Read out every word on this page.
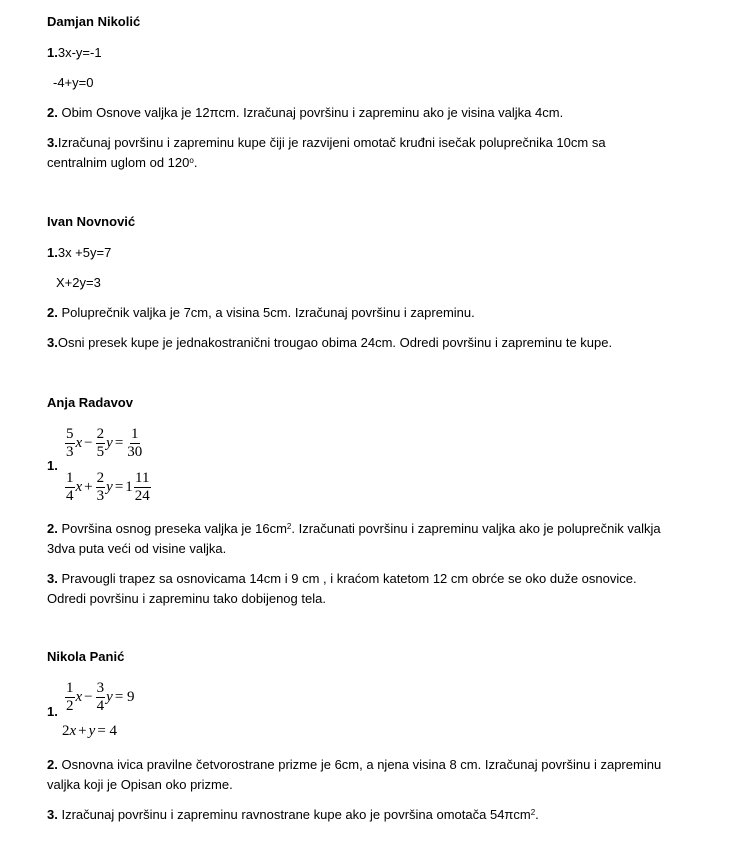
Damjan Nikolić
1.3x-y=-1
-4+y=0
2. Obim Osnove valjka je 12πcm. Izračunaj površinu i zapreminu ako je visina valjka 4cm.
3.Izračunaj površinu i zapreminu kupe čiji je razvijeni omotač kruđni isečak poluprečnika 10cm sa centralnim uglom od 120$^o$.
Ivan Novnović
1.3x +5y=7
X+2y=3
2. Poluprečnik valjka je 7cm, a visina 5cm. Izračunaj površinu i zapreminu.
3.Osni presek kupe je jednakostranični trougao obima 24cm. Odredi površinu i zapreminu te kupe.
Anja Radavov
1.
$\frac{5}{3}$ $x - \frac{2}{5}$ $y = \frac{1}{30}$
$\frac{1}{4}$ $x + \frac{2}{3}$ $y = 1 \frac{11}{24}$
2. Površina osnog preseka valjka je $16cm^2$. Izračunati površinu i zapreminu valjka ako je poluprečnik valkja 3dva puta veći od visine valjka.
3. Pravougli trapez sa osnovicama 14cm i 9 cm , i kraćom katetom 12 cm obrće se oko duže osnovice. Odredi površinu i zapreminu tako dobijenog tela.
Nikola Panić
1. $\frac{1}{2}$ $x - \frac{3}{4}$ y = 9
2 x + y = 4
2. Osnovna ivica pravilne četvorostrane prizme je 6cm, a njena visina 8 cm. Izračunaj površinu i zapreminu valjka koji je Opisan oko prizme.
3. Izračunaj površinu i zapreminu ravnostrane kupe ako je površina omotača 54πcm$^2$.
